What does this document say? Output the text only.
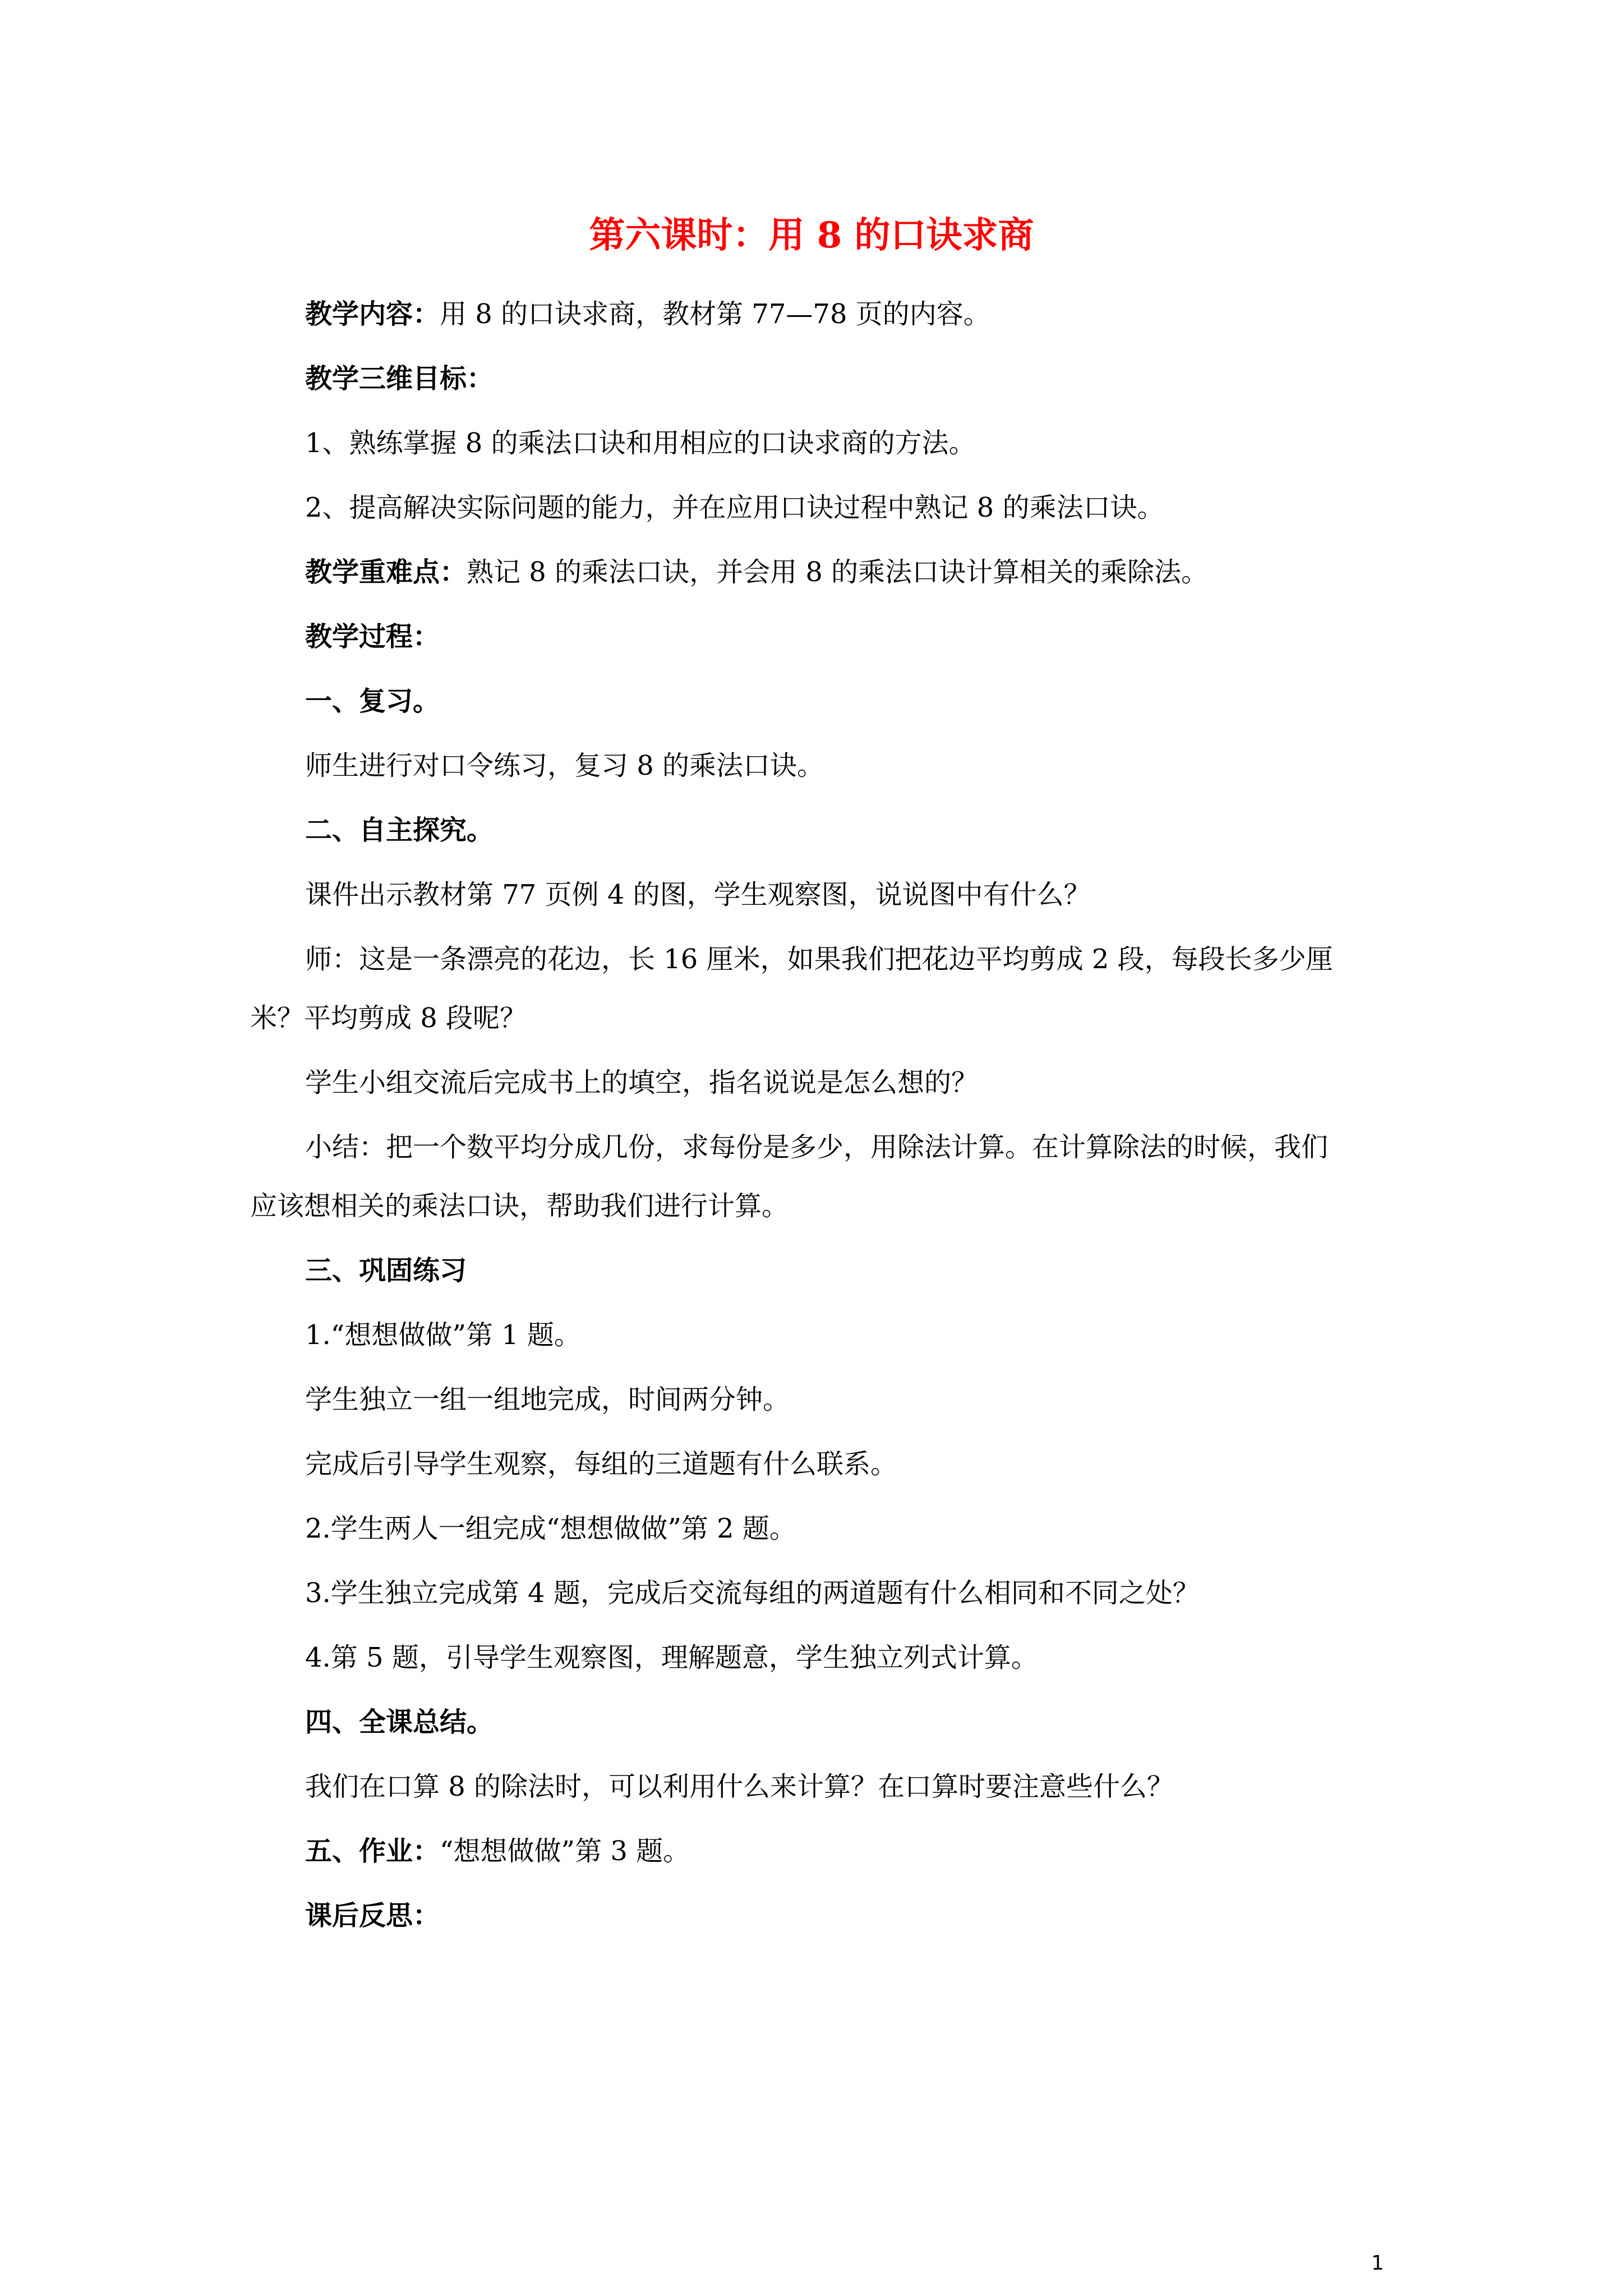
第六课时：用 8 的口诀求商
教学内容：用 8 的口诀求商，教材第 77—78 页的内容。
教学三维目标：
1、熟练掌握 8 的乘法口诀和用相应的口诀求商的方法。
2、提高解决实际问题的能力，并在应用口诀过程中熟记 8 的乘法口诀。
教学重难点：熟记 8 的乘法口诀，并会用 8 的乘法口诀计算相关的乘除法。
教学过程：
一、复习。
师生进行对口令练习，复习 8 的乘法口诀。
二、自主探究。
课件出示教材第 77 页例 4 的图，学生观察图，说说图中有什么？
师：这是一条漂亮的花边，长 16 厘米，如果我们把花边平均剪成 2 段，每段长多少厘
米？平均剪成 8 段呢？
学生小组交流后完成书上的填空，指名说说是怎么想的？
小结：把一个数平均分成几份，求每份是多少，用除法计算。在计算除法的时候，我们
应该想相关的乘法口诀，帮助我们进行计算。
三、巩固练习
1.“想想做做”第 1 题。
学生独立一组一组地完成，时间两分钟。
完成后引导学生观察，每组的三道题有什么联系。
2.学生两人一组完成“想想做做”第 2 题。
3.学生独立完成第 4 题，完成后交流每组的两道题有什么相同和不同之处？
4.第 5 题，引导学生观察图，理解题意，学生独立列式计算。
四、全课总结。
我们在口算 8 的除法时，可以利用什么来计算？在口算时要注意些什么？
五、作业：“想想做做”第 3 题。
课后反思：
1
